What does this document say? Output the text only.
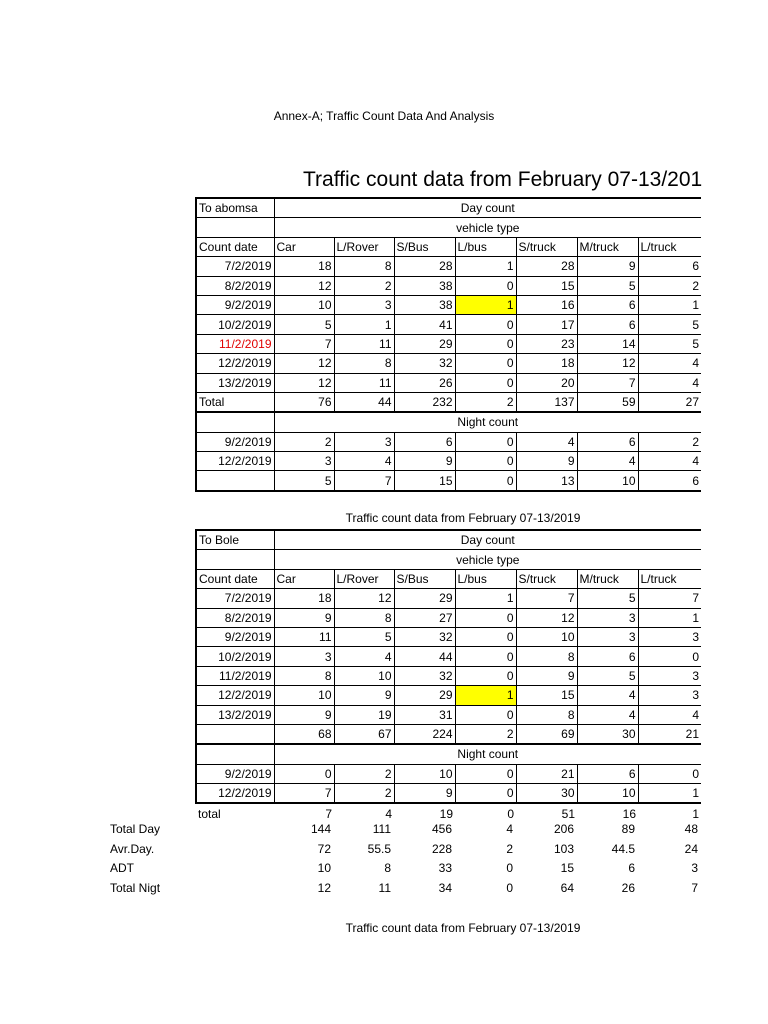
Annex-A; Traffic Count Data And Analysis
Traffic count data from February 07-13/201
To abomsa	Day count						
	vehicle type						
Count date	Car	L/Rover	S/Bus	L/bus	S/truck	M/truck	L/truck
7/2/2019	18	8	28	1	28	9	6
8/2/2019	12	2	38	0	15	5	2
9/2/2019	10	3	38	1	16	6	1
10/2/2019	5	1	41	0	17	6	5
11/2/2019	7	11	29	0	23	14	5
12/2/2019	12	8	32	0	18	12	4
13/2/2019	12	11	26	0	20	7	4
Total	76	44	232	2	137	59	27
	Night count						
9/2/2019	2	3	6	0	4	6	2
12/2/2019	3	4	9	0	9	4	4
	5	7	15	0	13	10	6
Traffic count data from February 07-13/2019
To Bole	Day count						
	vehicle type						
Count date	Car	L/Rover	S/Bus	L/bus	S/truck	M/truck	L/truck
7/2/2019	18	12	29	1	7	5	7
8/2/2019	9	8	27	0	12	3	1
9/2/2019	11	5	32	0	10	3	3
10/2/2019	3	4	44	0	8	6	0
11/2/2019	8	10	32	0	9	5	3
12/2/2019	10	9	29	1	15	4	3
13/2/2019	9	19	31	0	8	4	4
	68	67	224	2	69	30	21
	Night count						
9/2/2019	0	2	10	0	21	6	0
12/2/2019	7	2	9	0	30	10	1
total	7	4	19	0	51	16	1
Total Day	144	111	456	4	206	89	48
Avr.Day.	72	55.5	228	2	103	44.5	24
ADT	10	8	33	0	15	6	3
Total Nigt	12	11	34	0	64	26	7
Traffic count data from February 07-13/2019
